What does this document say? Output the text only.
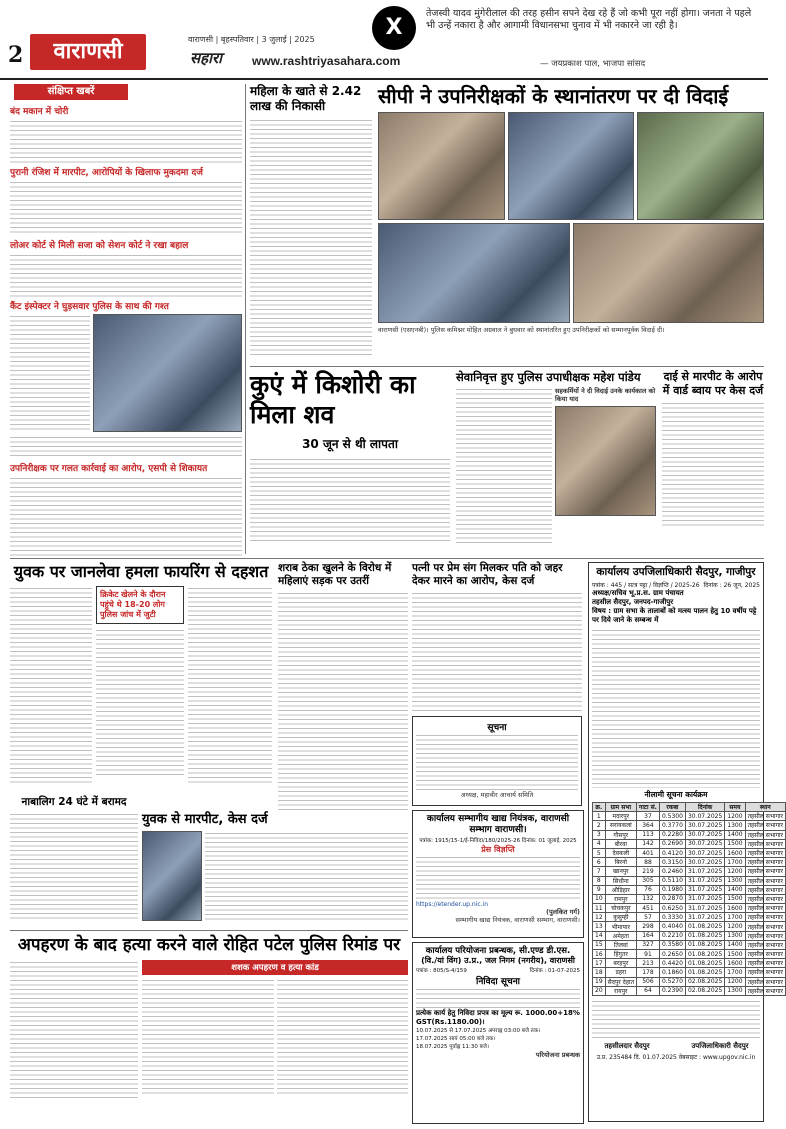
2	वाराणसी	वाराणसी | बृहस्पतिवार | 3 जुलाई | 2025
सहारा www.rashtriyasahara.com
X
तेजस्वी यादव मुंगेरीलाल की तरह हसीन सपने देख रहे हैं जो कभी पूरा नहीं होगा। जनता ने पहले भी उन्हें नकारा है और आगामी विधानसभा चुनाव में भी नकारने जा रही है।
— जयप्रकाश पाल, भाजपा सांसद
संक्षिप्त खबरें
बंद मकान में चोरी
पुरानी रंजिश में मारपीट, आरोपियों के खिलाफ मुकदमा दर्ज
लोअर कोर्ट से मिली सजा को सेशन कोर्ट ने रखा बहाल
कैंट इंस्पेक्टर ने घुड़सवार पुलिस के साथ की गश्त
उपनिरीक्षक पर गलत कार्रवाई का आरोप, एसपी से शिकायत
महिला के खाते से 2.42 लाख की निकासी	सीपी ने उपनिरीक्षकों के स्थानांतरण पर दी विदाई
वाराणसी (एसएनबी)। पुलिस कमिश्नर मोहित अग्रवाल ने बुधवार को स्थानांतरित हुए उपनिरीक्षकों को सम्मानपूर्वक विदाई दी।
कुएं में किशोरी का मिला शव
30 जून से थी लापता
सेवानिवृत्त हुए पुलिस उपाधीक्षक महेश पांडेय
सहकर्मियों ने दी विदाई उनके कार्यकाल को किया याद
दाई से मारपीट के आरोप में वार्ड ब्वाय पर केस दर्ज
युवक पर जानलेवा हमला फायरिंग से दहशत
क्रिकेट खेलने के दौरान पहुंचे थे 18-20 लोग पुलिस जांच में जुटी
शराब ठेका खुलने के विरोध में महिलाएं सड़क पर उतरीं
पत्नी पर प्रेम संग मिलकर पति को जहर देकर मारने का आरोप, केस दर्ज
सूचना
अध्यक्ष, महावीर आचार्य समिति
कार्यालय उपजिलाधिकारी सैदपुर, गाजीपुर
पत्रांक : 445 / सत्त्र पट्टा / विज्ञप्ति / 2025-26 दिनांक : 26 जून, 2025
अध्यक्ष/सचिव भू.प्र.स. ग्राम पंचायत
तहसील सैदपुर, जनपद-गाजीपुर
विषय : ग्राम सभा के तालाबों को मत्स्य पालन हेतु 10 वर्षीय पट्टे पर दिये जाने के सम्बन्ध में
नीलामी सूचना कार्यक्रम
क्र.	ग्राम सभा	गाटा सं.	रकबा	दिनांक	समय	स्थान
1	मदारपुर	37	0.5300	30.07.2025	1200	तहसील सभागार
2	सरायकलां	364	0.3770	30.07.2025	1300	तहसील सभागार
3	गौसपुर	113	0.2280	30.07.2025	1400	तहसील सभागार
4	बौरवा	142	0.2690	30.07.2025	1500	तहसील सभागार
5	देवकली	401	0.4120	30.07.2025	1600	तहसील सभागार
6	बिरनो	88	0.3150	30.07.2025	1700	तहसील सभागार
7	खानपुर	219	0.2460	31.07.2025	1200	तहसील सभागार
8	सिधौना	305	0.5110	31.07.2025	1300	तहसील सभागार
9	औड़िहार	76	0.1980	31.07.2025	1400	तहसील सभागार
10	रामपुर	132	0.2870	31.07.2025	1500	तहसील सभागार
11	चोचकपुर	451	0.6250	31.07.2025	1600	तहसील सभागार
12	कुसुम्ही	57	0.3330	31.07.2025	1700	तहसील सभागार
13	भीमापार	298	0.4040	01.08.2025	1200	तहसील सभागार
14	अमेहता	164	0.2210	01.08.2025	1300	तहसील सभागार
15	तिलवां	327	0.3580	01.08.2025	1400	तहसील सभागार
16	हिंगुतर	91	0.2650	01.08.2025	1500	तहसील सभागार
17	बरहपुर	213	0.4420	01.08.2025	1600	तहसील सभागार
18	डहरा	178	0.1860	01.08.2025	1700	तहसील सभागार
19	सैदपुर देहात	506	0.5270	02.08.2025	1200	तहसील सभागार
20	रायपुर	64	0.2390	02.08.2025	1300	तहसील सभागार
तहसीलदार सैदपुर	उपजिलाधिकारी सैदपुर
उ.प्र. 235484 दि. 01.07.2025 वेबसाइट : www.upgov.nic.in
नाबालिग 24 घंटे में बरामद
युवक से मारपीट, केस दर्ज	कार्यालय सम्भागीय खाद्य नियंत्रक, वाराणसी सम्भाग वाराणसी।
पत्रांक: 1915/15-1/ई-निविदा/180/2025-26 दिनांक: 01 जुलाई, 2025
प्रेस विज्ञप्ति
https://etender.up.nic.in
(पुलकित गर्ग)
सम्भागीय खाद्य नियंत्रक, वाराणसी सम्भाग, वाराणसी।
अपहरण के बाद हत्या करने वाले रोहित पटेल पुलिस रिमांड पर
शशक अपहरण व हत्या कांड
कार्यालय परियोजना प्रबन्धक, सी.एण्ड डी.एस.
(वि./यां विंग) उ.प्र., जल निगम (नगरीय), वाराणसी
पत्रांक : 805/S-4/159	दिनांक : 01-07-2025
निविदा सूचना
प्रत्येक कार्य हेतु निविदा प्रपत्र का मूल्य रू. 1000.00+18% GST(Rs.1180.00)।
10.07.2025 से 17.07.2025 अपराह्न 03:00 बजे तक।
17.07.2025 सायं 05:00 बजे तक।
18.07.2025 पूर्वाह्न 11:30 बजे।
परियोजना प्रबन्धक
